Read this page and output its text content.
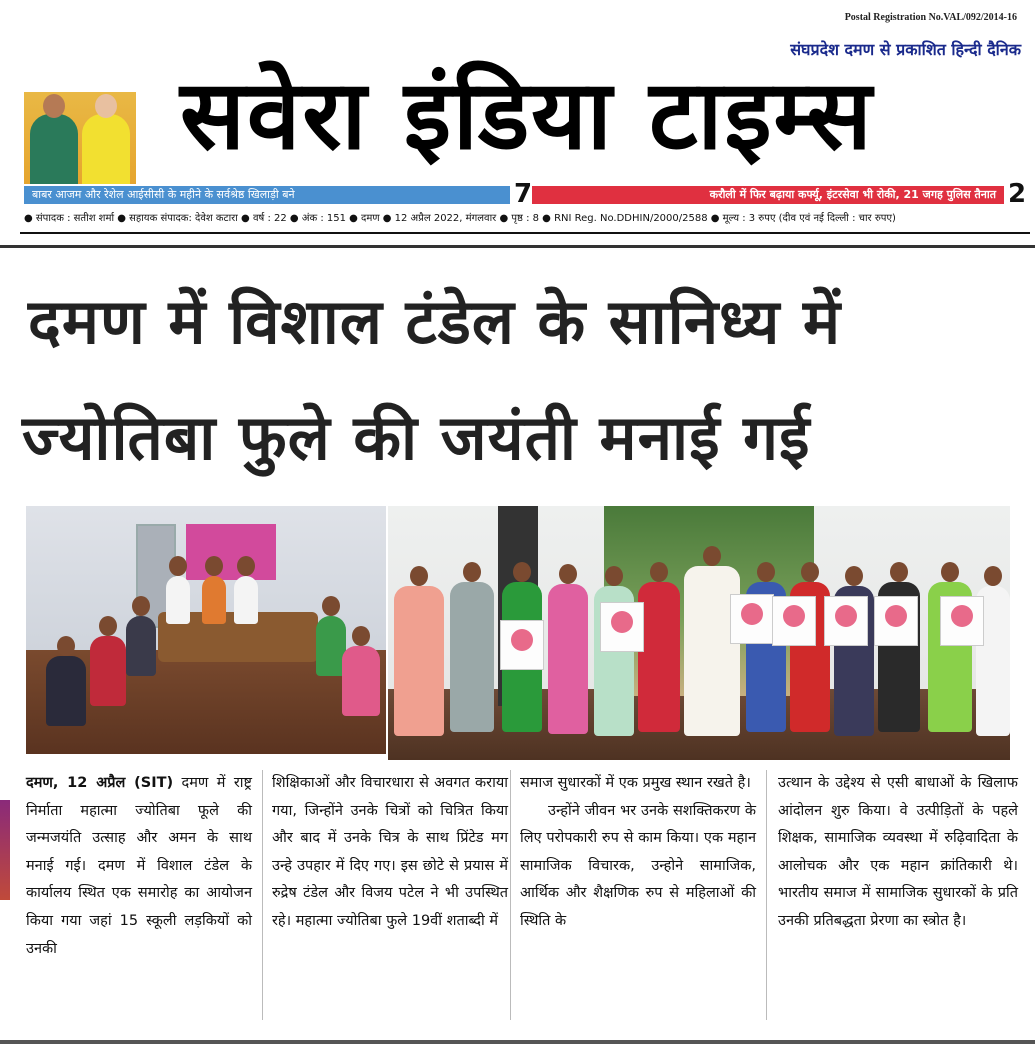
Postal Registration No.VAL/092/2014-16
संघप्रदेश दमण से प्रकाशित हिन्दी दैनिक
सवेरा इंडिया टाइम्स
बाबर आजम और रेशेल आईसीसी के महीने के सर्वश्रेष्ठ खिलाड़ी बने	7	करौली में फिर बढ़ाया कर्फ्यू, इंटरसेवा भी रोकी, 21 जगह पुलिस तैनात 2
● संपादक : सतीश शर्मा ● सहायक संपादक: देवेश कटारा ● वर्ष : 22 ● अंक : 151 ● दमण ● 12 अप्रैल 2022, मंगलवार ● पृष्ठ : 8 ● RNI Reg. No.DDHIN/2000/2588 ● मूल्य : 3 रुपए (दीव एवं नई दिल्ली : चार रुपए)
दमण में विशाल टंडेल के सानिध्य में
ज्योतिबा फुले की जयंती मनाई गई
दमण, 12 अप्रैल (SIT) दमण में राष्ट्र निर्माता महात्मा ज्योतिबा फूले की जन्मजयंति उत्साह और अमन के साथ मनाई गई। दमण में विशाल टंडेल के कार्यालय स्थित एक समारोह का आयोजन किया गया जहां 15 स्कूली लड़कियों को उनकी
शिक्षिकाओं और विचारधारा से अवगत कराया गया, जिन्होंने उनके चित्रों को चित्रित किया और बाद में उनके चित्र के साथ प्रिंटेड मग उन्हे उपहार में दिए गए। इस छोटे से प्रयास में रुद्रेष टंडेल और विजय पटेल ने भी उपस्थित रहे। महात्मा ज्योतिबा फुले 19वीं शताब्दी में
समाज सुधारकों में एक प्रमुख स्थान रखते है।
उन्होंने जीवन भर उनके सशक्तिकरण के लिए परोपकारी रुप से काम किया। एक महान सामाजिक विचारक, उन्होने सामाजिक, आर्थिक और शैक्षणिक रुप से महिलाओं की स्थिति के
उत्थान के उद्देश्य से एसी बाधाओं के खिलाफ आंदोलन शुरु किया। वे उत्पीड़ितों के पहले शिक्षक, सामाजिक व्यवस्था में रुढ़िवादिता के आलोचक और एक महान क्रांतिकारी थे। भारतीय समाज में सामाजिक सुधारकों के प्रति उनकी प्रतिबद्धता प्रेरणा का स्त्रोत है।
